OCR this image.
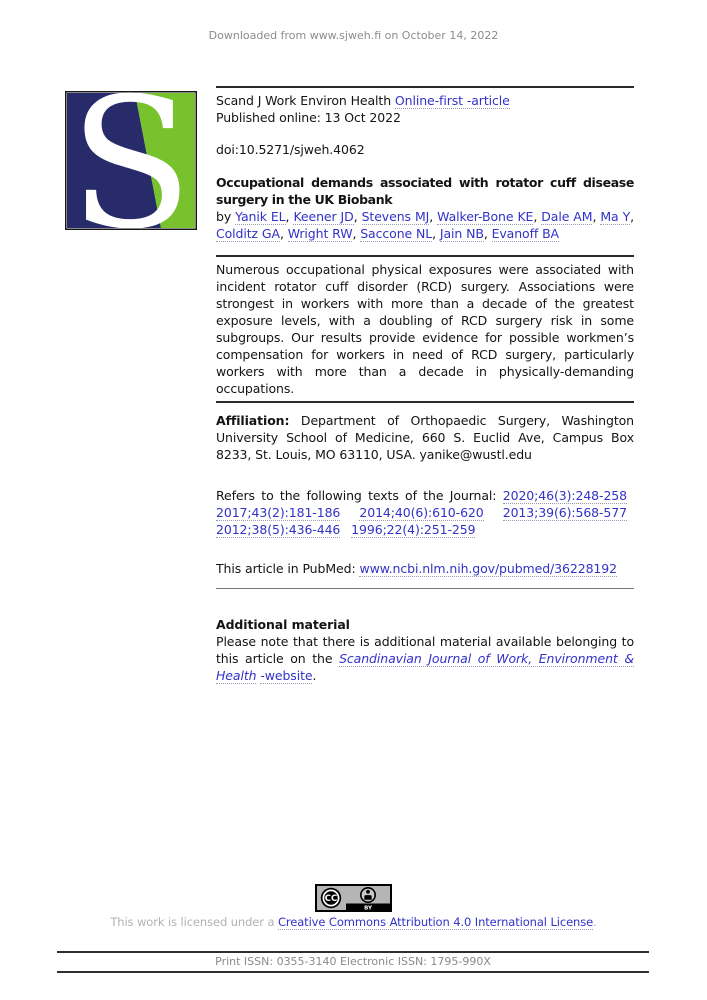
Downloaded from www.sjweh.fi on October 14, 2022
S Scand J Work Environ Health Online-first -article
Published online: 13 Oct 2022
doi:10.5271/sjweh.4062
Occupational demands associated with rotator cuff disease surgery in the UK Biobank
by Yanik EL, Keener JD, Stevens MJ, Walker-Bone KE, Dale AM, Ma Y, Colditz GA, Wright RW, Saccone NL, Jain NB, Evanoff BA
Numerous occupational physical exposures were associated with incident rotator cuff disorder (RCD) surgery. Associations were strongest in workers with more than a decade of the greatest exposure levels, with a doubling of RCD surgery risk in some subgroups. Our results provide evidence for possible workmen’s compensation for workers in need of RCD surgery, particularly workers with more than a decade in physically-demanding occupations.
Affiliation: Department of Orthopaedic Surgery, Washington University School of Medicine, 660 S. Euclid Ave, Campus Box 8233, St. Louis, MO 63110, USA. yanike@wustl.edu
Refers to the following texts of the Journal: 2020;46(3):248-258 2017;43(2):181-186 2014;40(6):610-620 2013;39(6):568-577 2012;38(5):436-446 1996;22(4):251-259
This article in PubMed: www.ncbi.nlm.nih.gov/pubmed/36228192
Additional material
Please note that there is additional material available belonging to this article on the Scandinavian Journal of Work, Environment & Health -website.
CC
BY
This work is licensed under a Creative Commons Attribution 4.0 International License.
Print ISSN: 0355-3140 Electronic ISSN: 1795-990X
